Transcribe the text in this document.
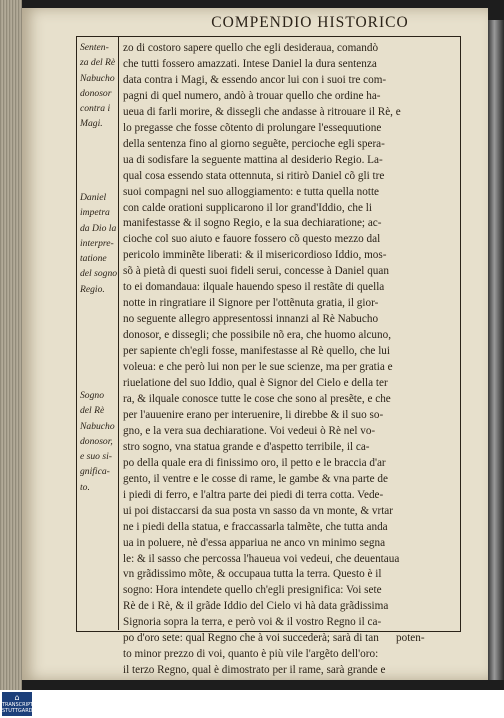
COMPENDIO HISTORICO
Senten-
za del Rè
Nabucho
donosor
contra i
Magi.
Daniel
impetra
da Dio la
interpre-
tatione
del sogno
Regio.
Sogno
del Rè
Nabucho
donosor,
e suo si-
gnifica-
to.
zo di costoro sapere quello che egli desideraua, comandò
che tutti fossero amazzati. Intese Daniel la dura sentenza
data contra i Magi, & essendo ancor lui con i suoi tre com-
pagni di quel numero, andò à trouar quello che ordine ha-
ueua di farli morire, & dissegli che andasse à ritrouare il Rè, e
lo pregasse che fosse cõtento di prolungare l'essequutione
della sentenza fino al giorno seguẽte, percioche egli spera-
ua di sodisfare la seguente mattina al desiderio Regio. La-
qual cosa essendo stata ottennuta, si ritirò Daniel cõ gli tre
suoi compagni nel suo alloggiamento: e tutta quella notte
con calde orationi supplicarono il lor grand'Iddio, che li
manifestasse & il sogno Regio, e la sua dechiaratione; ac-
cioche col suo aiuto e fauore fossero cõ questo mezzo dal
pericolo imminẽte liberati: & il misericordioso Iddio, mos-
sõ à pietà di questi suoi fideli serui, concesse à Daniel quan
to ei domandaua: ilquale hauendo speso il restãte di quella
notte in ringratiare il Signore per l'ottẽnuta gratia, il gior-
no seguente allegro appresentossi innanzi al Rè Nabucho
donosor, e dissegli; che possibile nõ era, che huomo alcuno,
per sapiente ch'egli fosse, manifestasse al Rè quello, che lui
voleua: e che però lui non per le sue scienze, ma per gratia e
riuelatione del suo Iddio, qual è Signor del Cielo e della ter
ra, & ilquale conosce tutte le cose che sono al presẽte, e che
per l'auuenire erano per interuenire, li direbbe & il suo so-
gno, e la vera sua dechiaratione. Voi vedeui ò Rè nel vo-
stro sogno, vna statua grande e d'aspetto terribile, il ca-
po della quale era di finissimo oro, il petto e le braccia d'ar
gento, il ventre e le cosse di rame, le gambe & vna parte de
i piedi di ferro, e l'altra parte dei piedi di terra cotta. Vede-
ui poi distaccarsi da sua posta vn sasso da vn monte, & vrtar
ne i piedi della statua, e fraccassarla talmẽte, che tutta anda
ua in poluere, nè d'essa appariua ne anco vn minimo segna
le: & il sasso che percossa l'haueua voi vedeui, che deuentaua
vn grãdissimo mõte, & occupaua tutta la terra. Questo è il
sogno: Hora intendete quello ch'egli presignifica: Voi sete
Rè de i Rè, & il grãde Iddio del Cielo vi hà data grãdissima
Signoria sopra la terra, e però voi & il vostro Regno il ca-
po d'oro sete: qual Regno che à voi succederà; sarà di tan
to minor prezzo di voi, quanto è più vile l'argẽto dell'oro:
il terzo Regno, qual è dimostrato per il rame, sarà grande e
poten-
⌂
TRANSCRIPTUS
STUTTGARDIE
